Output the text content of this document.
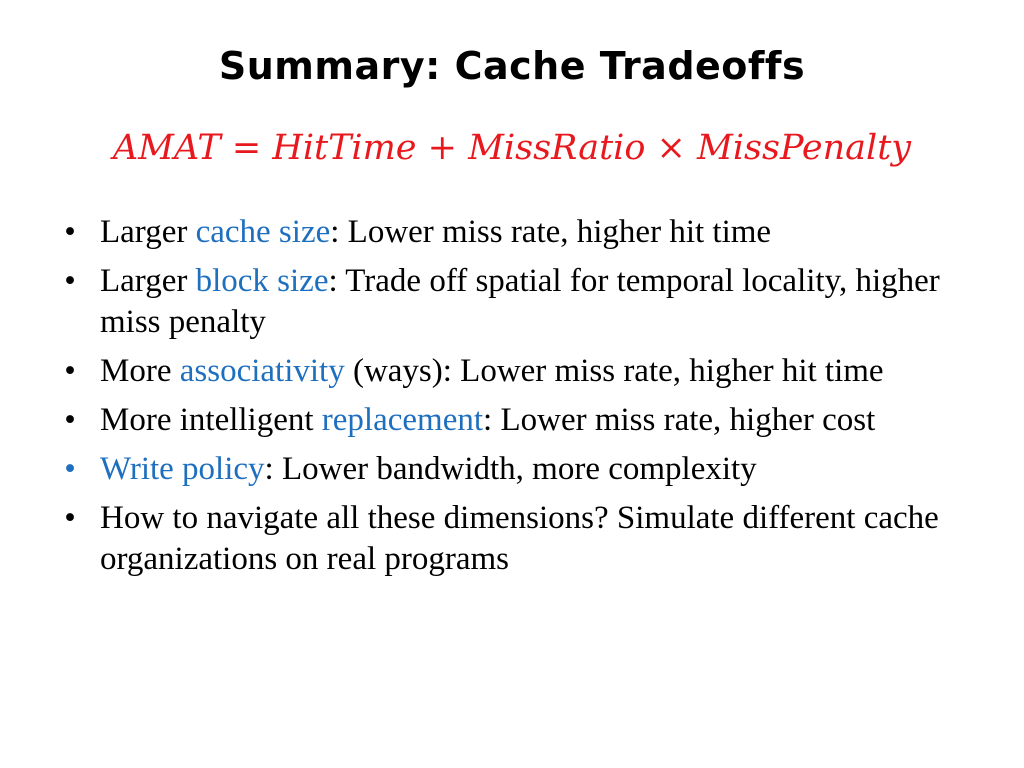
Summary: Cache Tradeoffs
AMAT = HitTime + MissRatio × MissPenalty
• Larger cache size: Lower miss rate, higher hit time
• Larger block size: Trade off spatial for temporal locality, higher miss penalty
• More associativity (ways): Lower miss rate, higher hit time
• More intelligent replacement: Lower miss rate, higher cost
• Write policy: Lower bandwidth, more complexity
• How to navigate all these dimensions? Simulate different cache organizations on real programs
